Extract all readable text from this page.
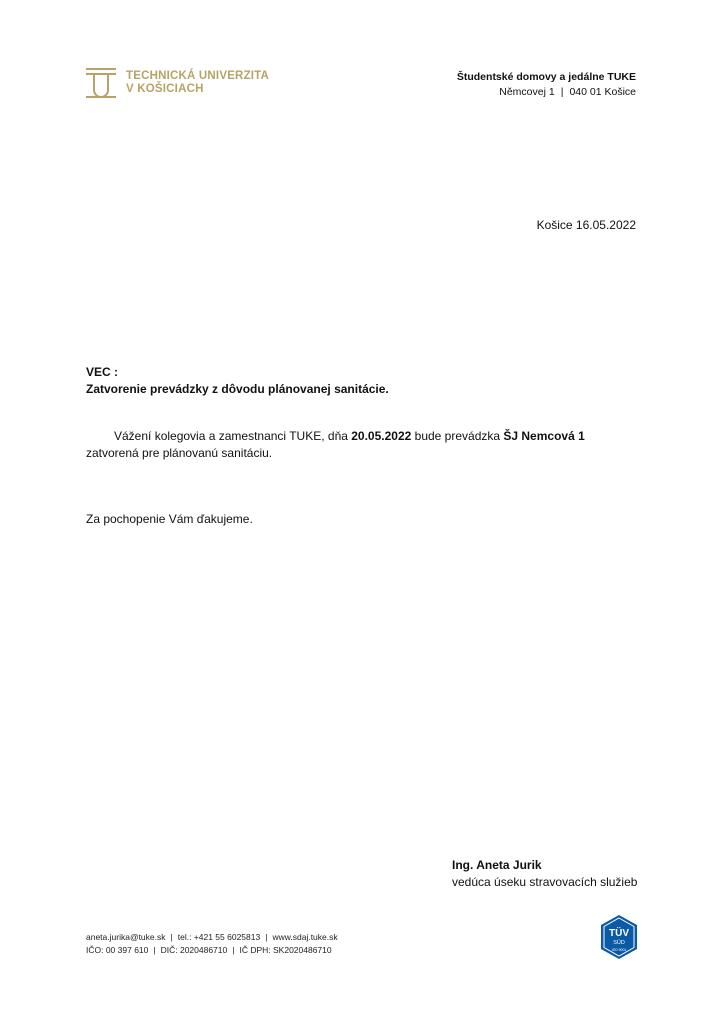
TECHNICKÁ UNIVERZITA
V KOŠICIACH
Študentské domovy a jedálne TUKE
Němcovej 1 | 040 01 Košice
Košice 16.05.2022
VEC :
Zatvorenie prevádzky z dôvodu plánovanej sanitácie.
Vážení kolegovia a zamestnanci TUKE, dňa 20.05.2022 bude prevádzka ŠJ Nemcová 1 zatvorená pre plánovanú sanitáciu.
Za pochopenie Vám ďakujeme.
Ing. Aneta Jurik
vedúca úseku stravovacích služieb
aneta.jurika@tuke.sk | tel.: +421 55 6025813 | www.sdaj.tuke.sk
IČO: 00 397 610 | DIČ: 2020486710 | IČ DPH: SK2020486710
TÜV
SÜD
ISO 9001
